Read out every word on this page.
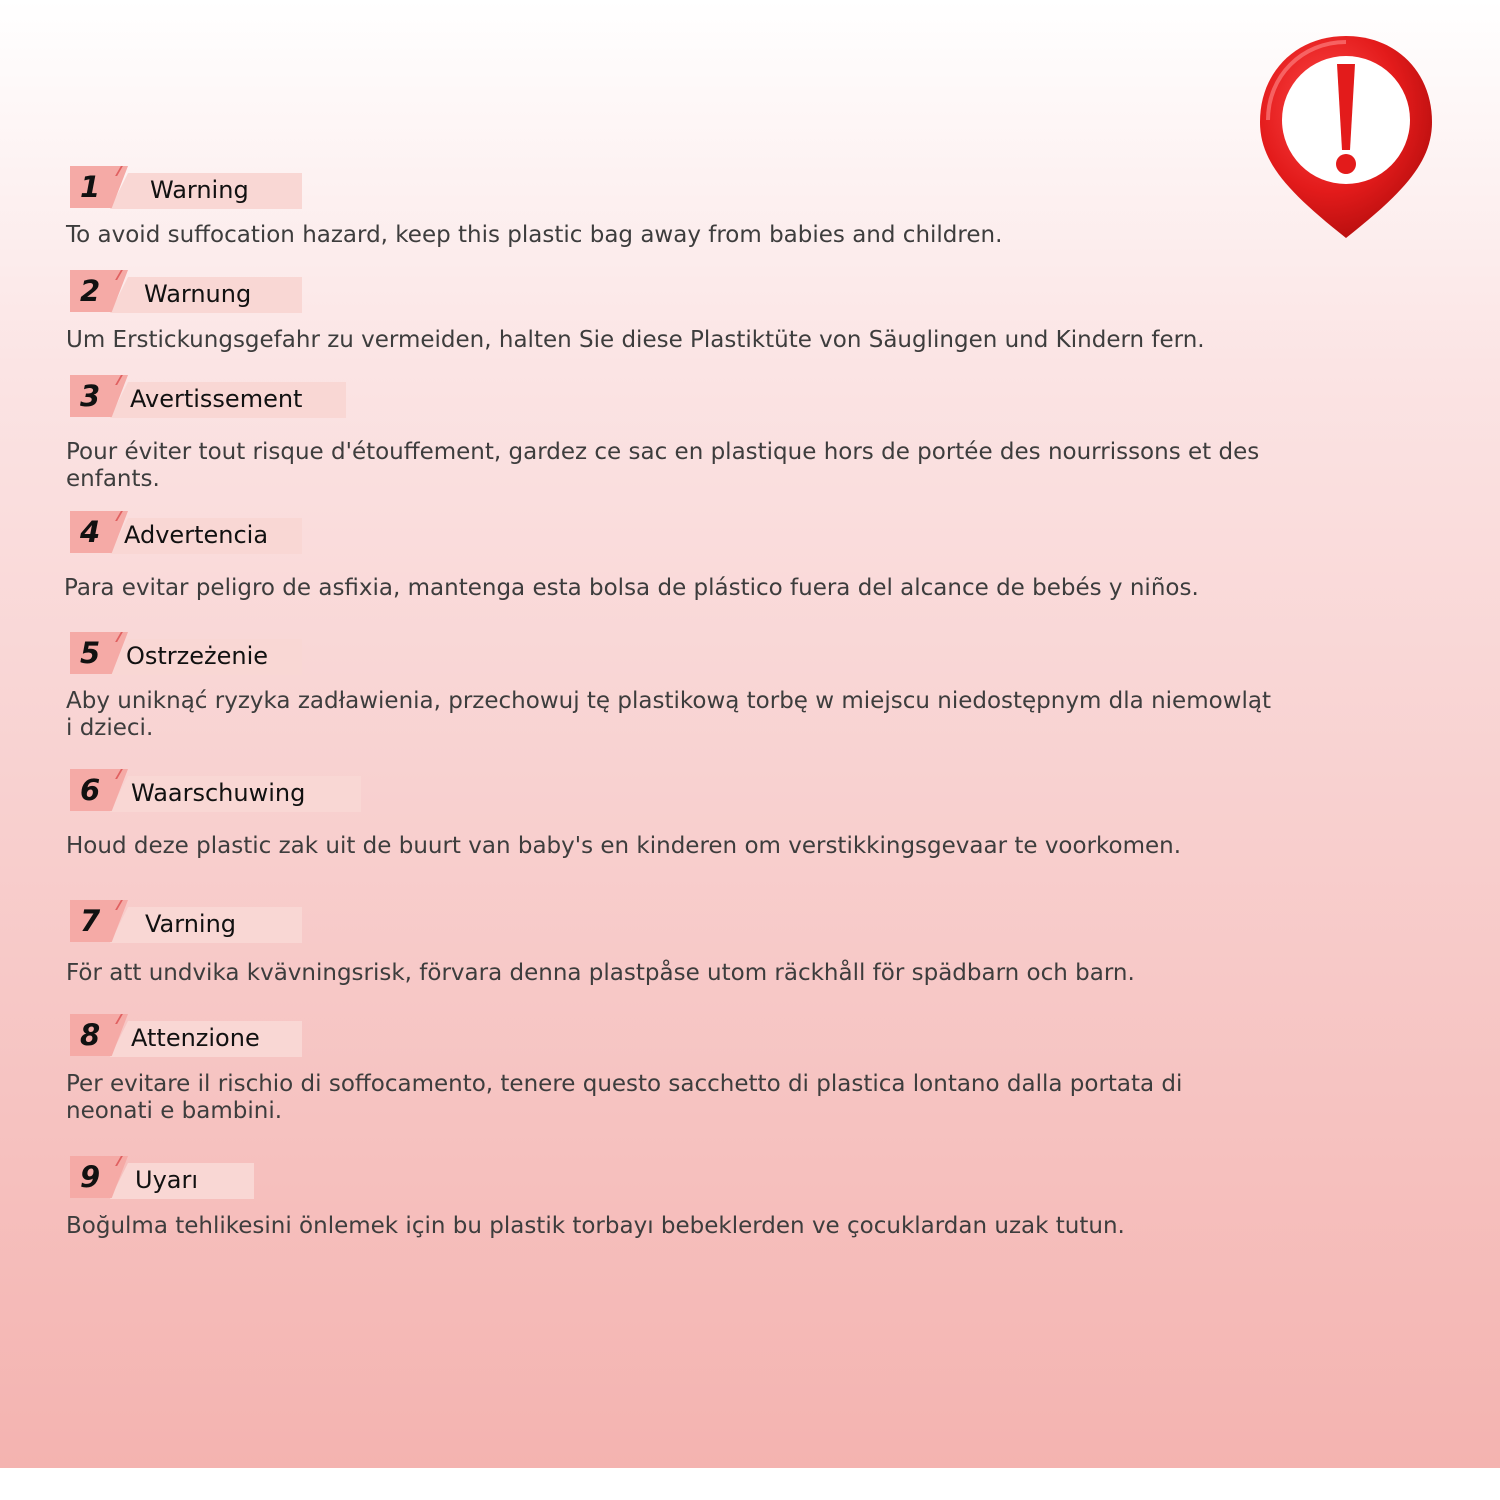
1 Warning

To avoid suffocation hazard, keep this plastic bag away from babies and children.

2 Warnung

Um Erstickungsgefahr zu vermeiden, halten Sie diese Plastiktüte von Säuglingen und Kindern fern.

3 Avertissement

Pour éviter tout risque d'étouffement, gardez ce sac en plastique hors de portée des nourrissons et des enfants.

4 Advertencia

Para evitar peligro de asfixia, mantenga esta bolsa de plástico fuera del alcance de bebés y niños.

5 Ostrzeżenie

Aby uniknąć ryzyka zadławienia, przechowuj tę plastikową torbę w miejscu niedostępnym dla niemowląt i dzieci.

6 Waarschuwing

Houd deze plastic zak uit de buurt van baby's en kinderen om verstikkingsgevaar te voorkomen.

7 Varning

För att undvika kvävningsrisk, förvara denna plastpåse utom räckhåll för spädbarn och barn.

8 Attenzione

Per evitare il rischio di soffocamento, tenere questo sacchetto di plastica lontano dalla portata di neonati e bambini.

9 Uyarı

Boğulma tehlikesini önlemek için bu plastik torbayı bebeklerden ve çocuklardan uzak tutun.
